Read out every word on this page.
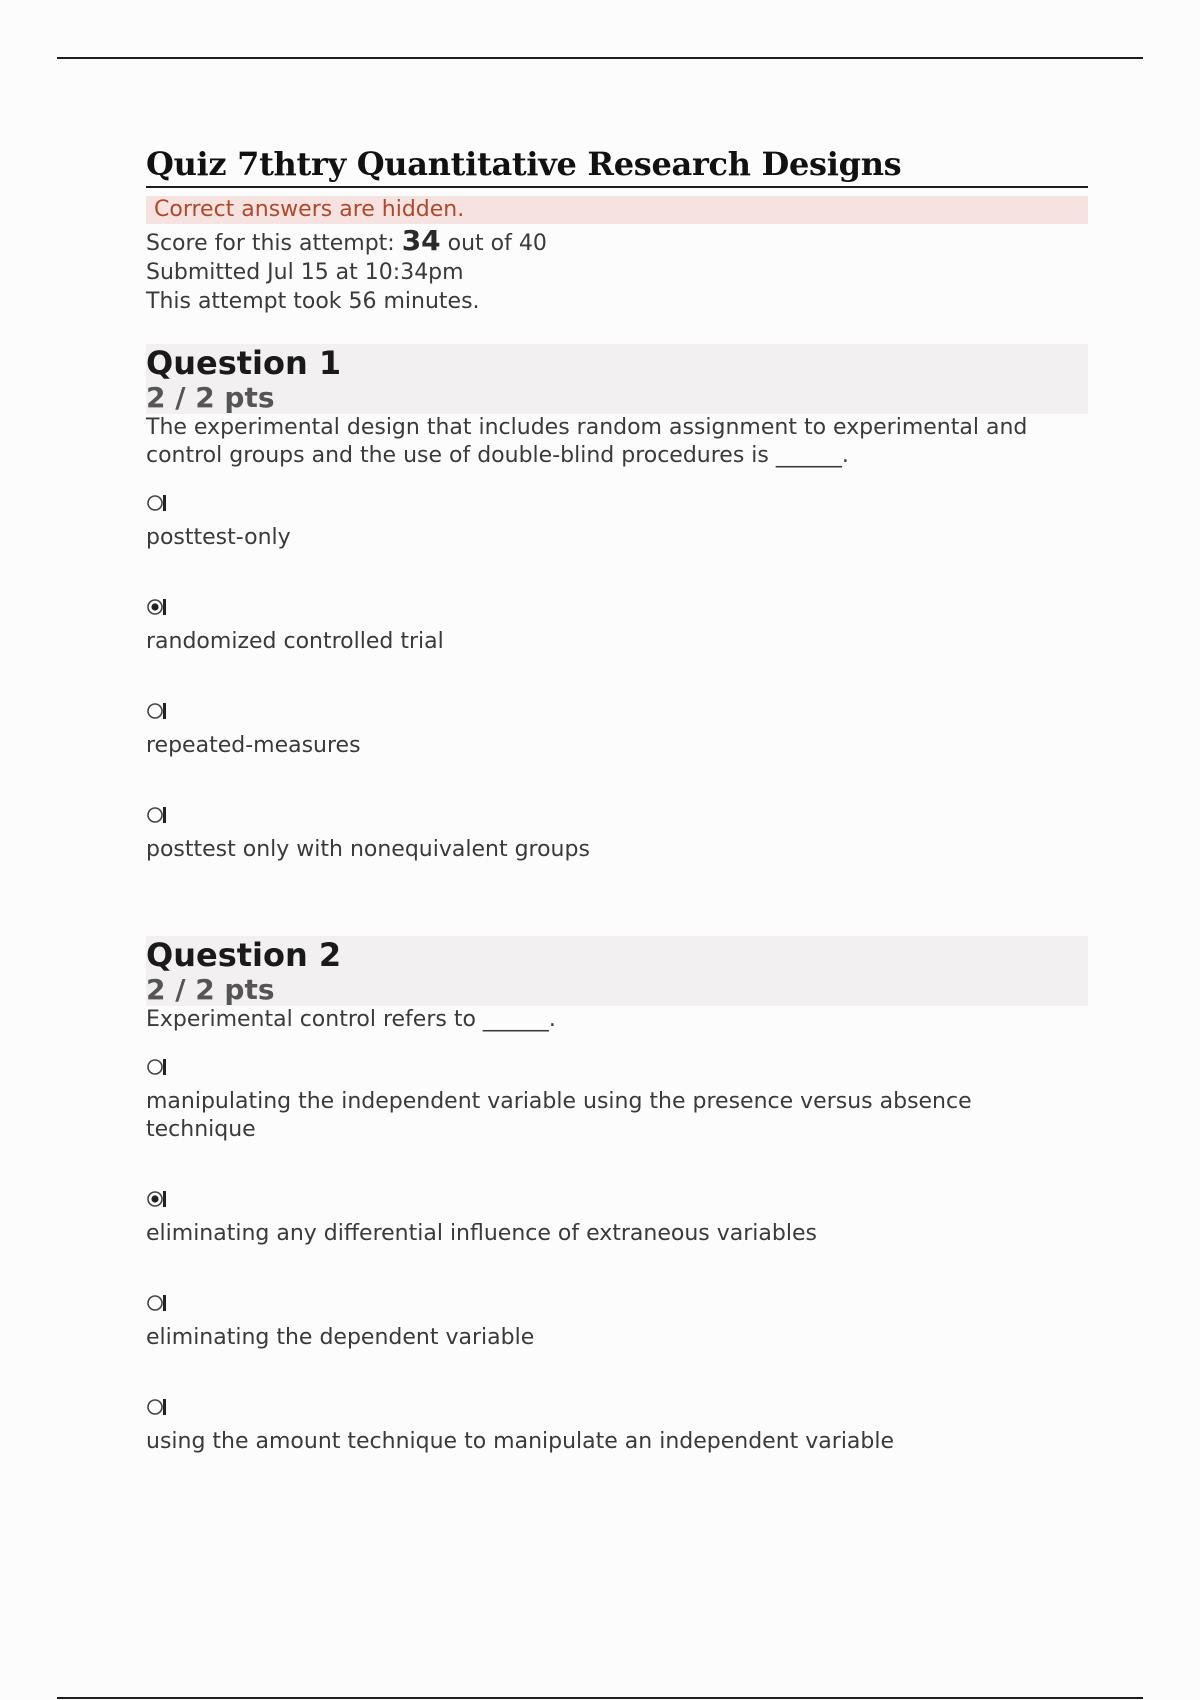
Quiz 7thtry Quantitative Research Designs
Correct answers are hidden.
Score for this attempt: 34 out of 40
Submitted Jul 15 at 10:34pm
This attempt took 56 minutes.
Question 1
2 / 2 pts
The experimental design that includes random assignment to experimental and control groups and the use of double-blind procedures is ______.
posttest-only
randomized controlled trial
repeated-measures
posttest only with nonequivalent groups
Question 2
2 / 2 pts
Experimental control refers to ______.
manipulating the independent variable using the presence versus absence technique
eliminating any differential influence of extraneous variables
eliminating the dependent variable
using the amount technique to manipulate an independent variable
